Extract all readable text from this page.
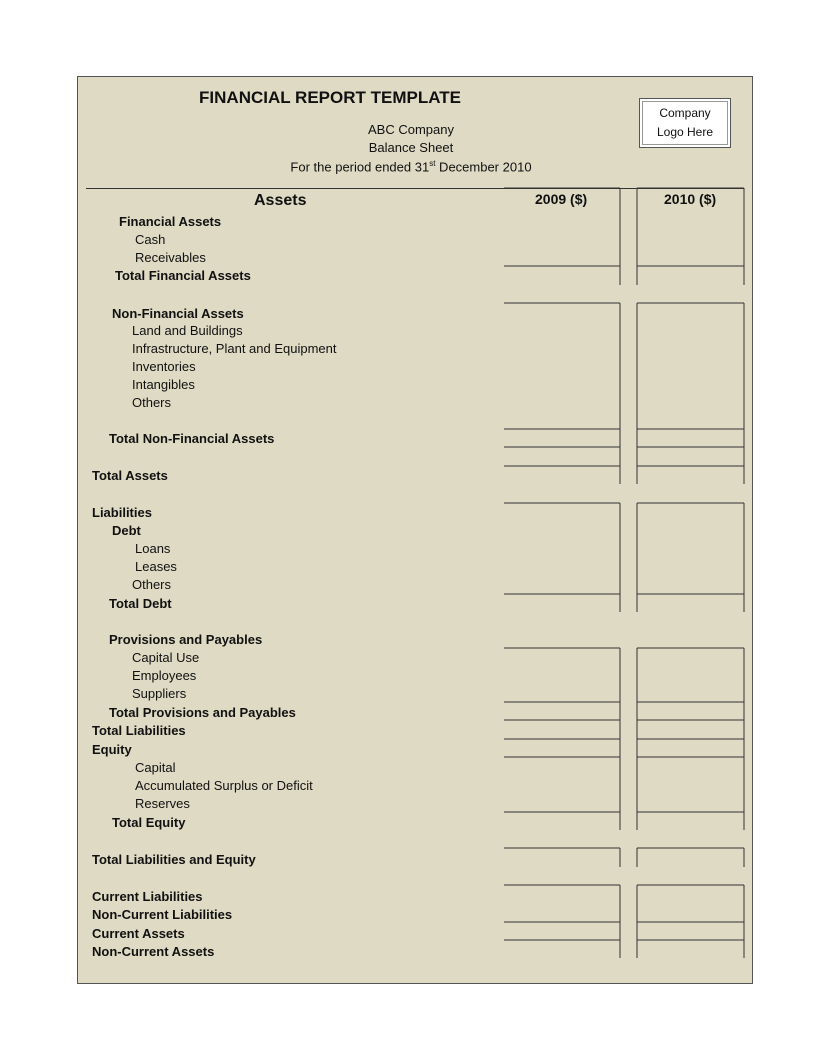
FINANCIAL REPORT TEMPLATE
ABC Company
Balance Sheet
For the period ended 31st December 2010
Company
Logo Here
Assets	2009 ($)	2010 ($)
Financial Assets
Cash
Receivables
Total Financial Assets
Non-Financial Assets
Land and Buildings
Infrastructure, Plant and Equipment
Inventories
Intangibles
Others
Total Non-Financial Assets
Total Assets
Liabilities
Debt
Loans
Leases
Others
Total Debt
Provisions and Payables
Capital Use
Employees
Suppliers
Total Provisions and Payables
Total Liabilities
Equity
Capital
Accumulated Surplus or Deficit
Reserves
Total Equity
Total Liabilities and Equity
Current Liabilities
Non-Current Liabilities
Current Assets
Non-Current Assets
